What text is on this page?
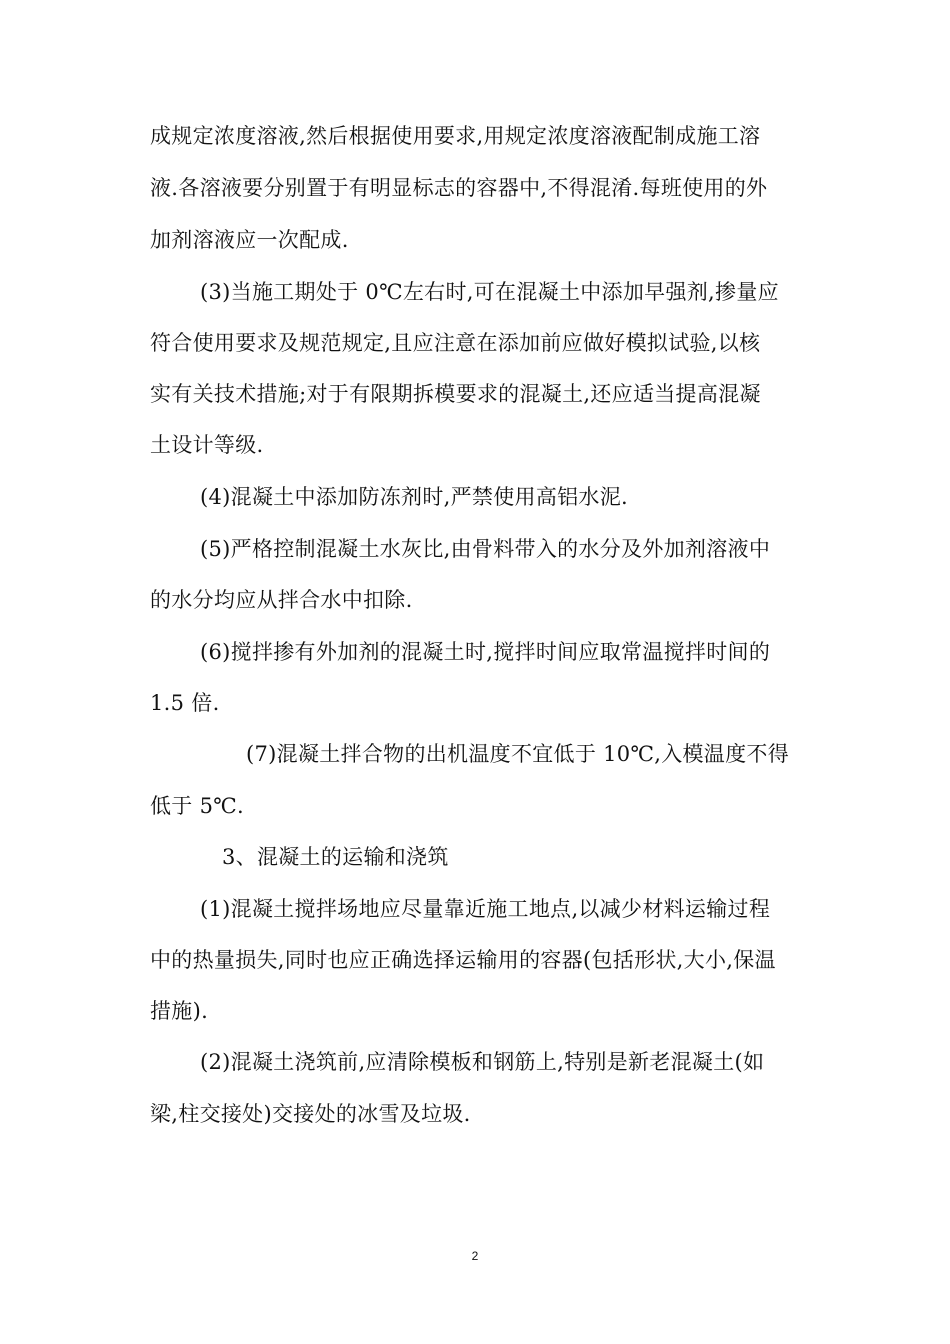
成规定浓度溶液,然后根据使用要求,用规定浓度溶液配制成施工溶
液.各溶液要分别置于有明显标志的容器中,不得混淆.每班使用的外
加剂溶液应一次配成.
(3)当施工期处于 0℃左右时,可在混凝土中添加早强剂,掺量应
符合使用要求及规范规定,且应注意在添加前应做好模拟试验,以核
实有关技术措施;对于有限期拆模要求的混凝土,还应适当提高混凝
土设计等级.
(4)混凝土中添加防冻剂时,严禁使用高铝水泥.
(5)严格控制混凝土水灰比,由骨料带入的水分及外加剂溶液中
的水分均应从拌合水中扣除.
(6)搅拌掺有外加剂的混凝土时,搅拌时间应取常温搅拌时间的
1.5 倍.
(7)混凝土拌合物的出机温度不宜低于 10℃,入模温度不得
低于 5℃.
3、混凝土的运输和浇筑
(1)混凝土搅拌场地应尽量靠近施工地点,以减少材料运输过程
中的热量损失,同时也应正确选择运输用的容器(包括形状,大小,保温
措施).
(2)混凝土浇筑前,应清除模板和钢筋上,特别是新老混凝土(如
梁,柱交接处)交接处的冰雪及垃圾.
2
